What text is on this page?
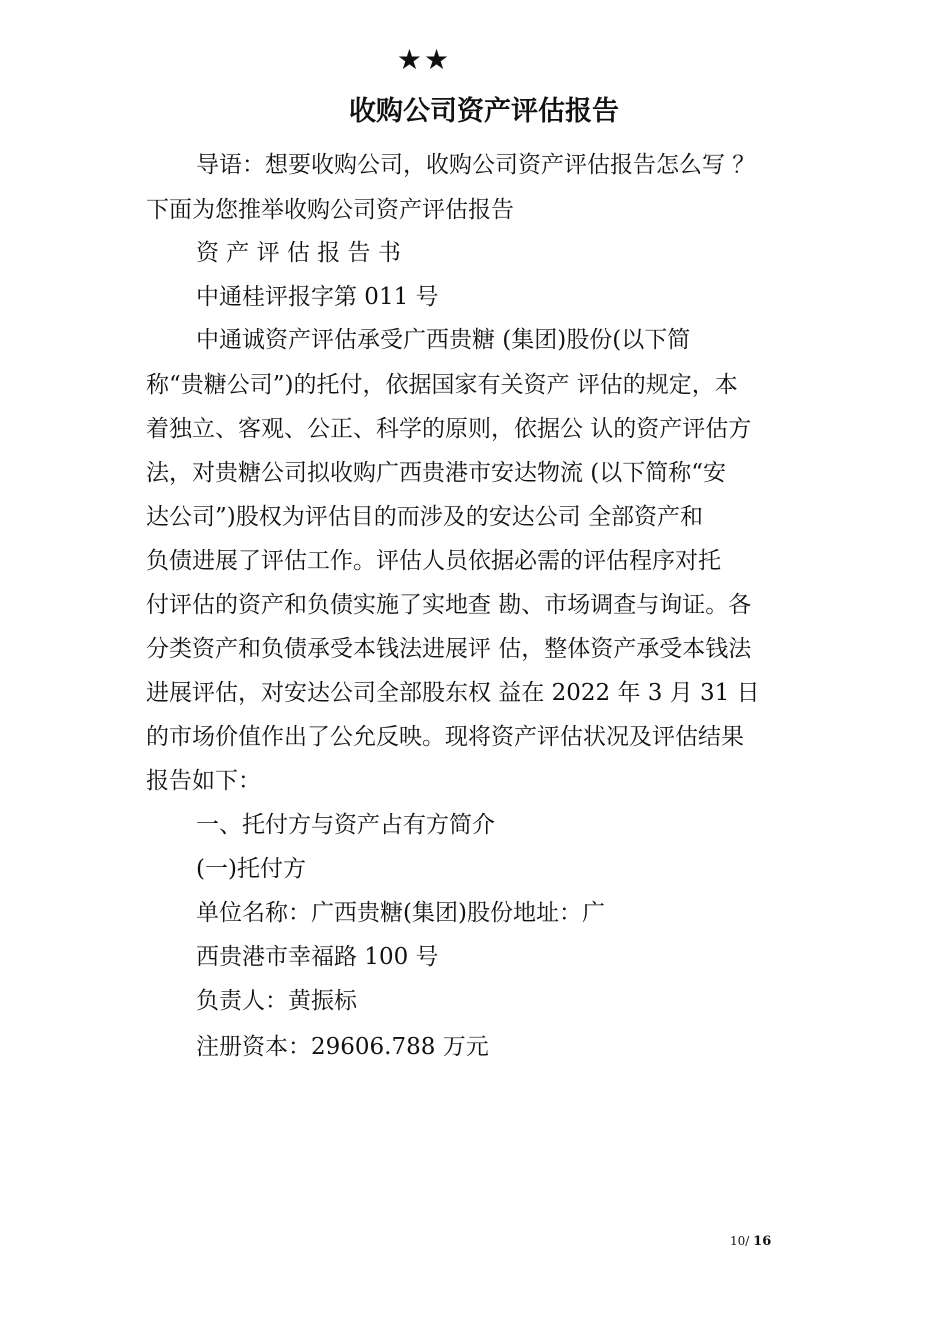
★★
收购公司资产评估报告
导语：想要收购公司，收购公司资产评估报告怎么写 ？
下面为您推举收购公司资产评估报告
资 产 评 估 报 告 书
中通桂评报字第 011 号
中通诚资产评估承受广西贵糖 (集团)股份(以下简
称“贵糖公司”)的托付，依据国家有关资产 评估的规定，本
着独立、客观、公正、科学的原则，依据公 认的资产评估方
法，对贵糖公司拟收购广西贵港市安达物流 (以下简称“安
达公司”)股权为评估目的而涉及的安达公司 全部资产和
负债进展了评估工作。评估人员依据必需的评估程序对托
付评估的资产和负债实施了实地查 勘、市场调查与询证。各
分类资产和负债承受本钱法进展评 估，整体资产承受本钱法
进展评估，对安达公司全部股东权 益在 2022 年 3 月 31 日
的市场价值作出了公允反映。现将资产评估状况及评估结果
报告如下：
一、托付方与资产占有方简介
(一)托付方
单位名称：广西贵糖(集团)股份地址：广
西贵港市幸福路 100 号
负责人：黄振标
注册资本：29606.788 万元
10/ 16
